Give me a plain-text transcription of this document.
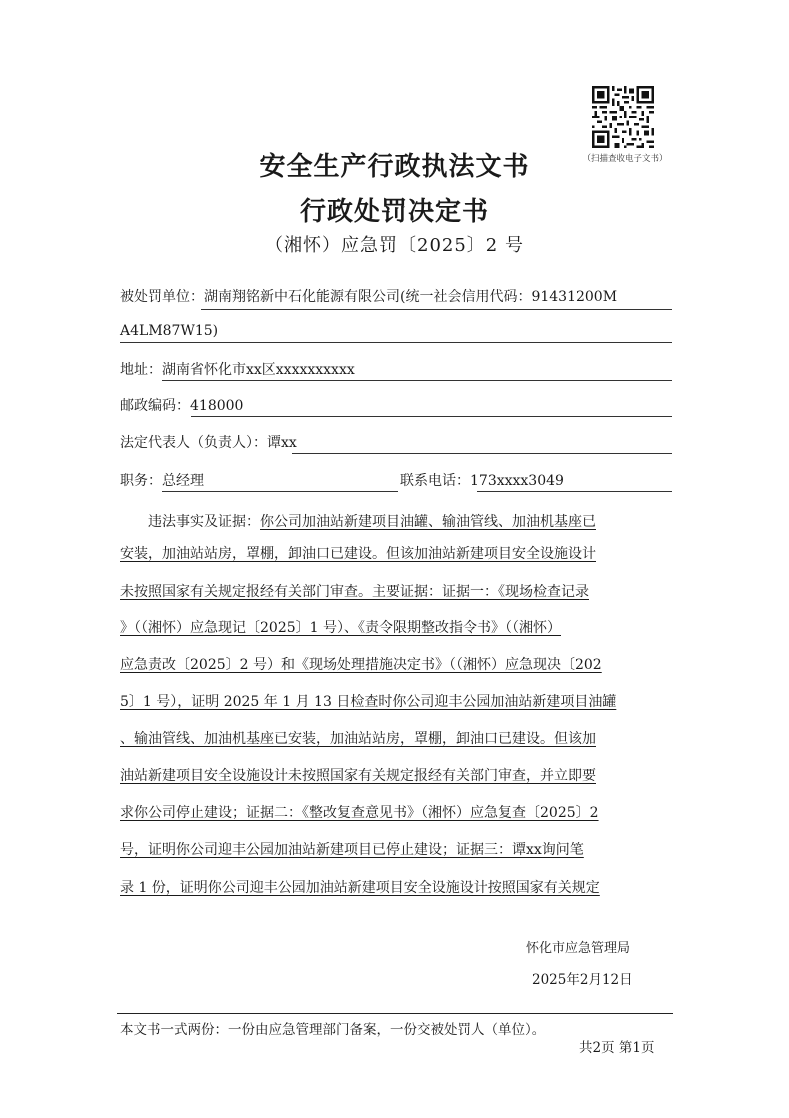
（扫描查收电子文书）
安全生产行政执法文书
行政处罚决定书
（湘怀）应急罚〔2025〕2 号
被处罚单位：湖南翔铭新中石化能源有限公司(统一社会信用代码：91431200M
A4LM87W15)
地址：湖南省怀化市xx区xxxxxxxxxx
邮政编码：418000
法定代表人（负责人）：谭xx
职务：总经理	联系电话：173xxxx3049
违法事实及证据：你公司加油站新建项目油罐、输油管线、加油机基座已
安装，加油站站房，罩棚，卸油口已建设。但该加油站新建项目安全设施设计
未按照国家有关规定报经有关部门审查。主要证据：证据一：《现场检查记录
》（（湘怀）应急现记〔2025〕1 号）、《责令限期整改指令书》（（湘怀）
应急责改〔2025〕2 号）和《现场处理措施决定书》（（湘怀）应急现决〔202
5〕1 号），证明 2025 年 1 月 13 日检查时你公司迎丰公园加油站新建项目油罐
、输油管线、加油机基座已安装，加油站站房，罩棚，卸油口已建设。但该加
油站新建项目安全设施设计未按照国家有关规定报经有关部门审查，并立即要
求你公司停止建设；证据二：《整改复查意见书》（湘怀）应急复查〔2025〕2
号，证明你公司迎丰公园加油站新建项目已停止建设；证据三：谭xx询问笔
录 1 份，证明你公司迎丰公园加油站新建项目安全设施设计按照国家有关规定
怀化市应急管理局
2025年2月12日
本文书一式两份：一份由应急管理部门备案，一份交被处罚人（单位）。
共2页 第1页
